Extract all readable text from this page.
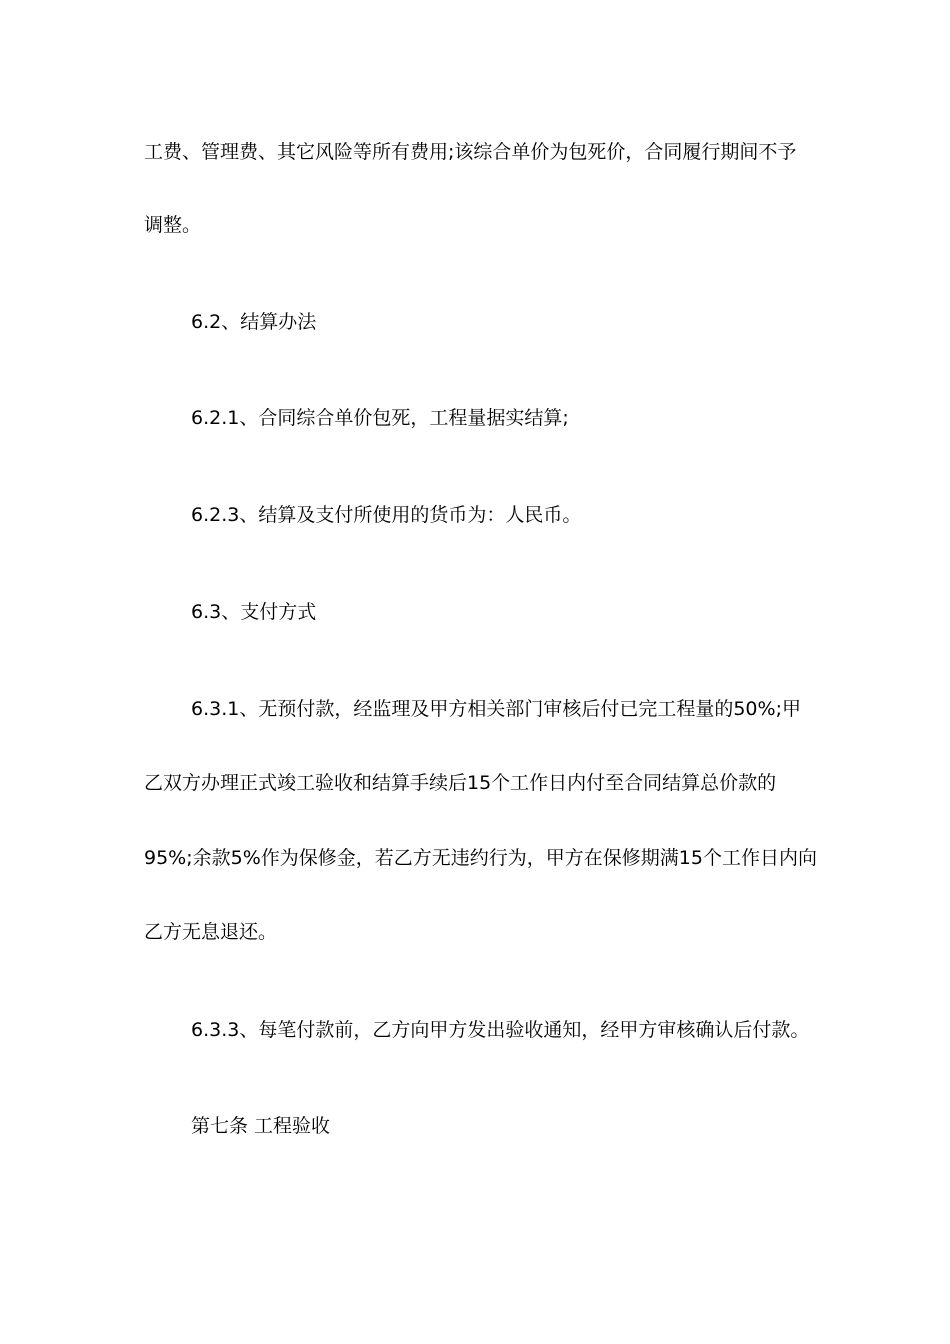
工费、管理费、其它风险等所有费用;该综合单价为包死价，合同履行期间不予
调整。
6.2、结算办法
6.2.1、合同综合单价包死，工程量据实结算;
6.2.3、结算及支付所使用的货币为：人民币。
6.3、支付方式
6.3.1、无预付款，经监理及甲方相关部门审核后付已完工程量的50%;甲
乙双方办理正式竣工验收和结算手续后15个工作日内付至合同结算总价款的
95%;余款5%作为保修金，若乙方无违约行为，甲方在保修期满15个工作日内向
乙方无息退还。
6.3.3、每笔付款前，乙方向甲方发出验收通知，经甲方审核确认后付款。
第七条 工程验收
